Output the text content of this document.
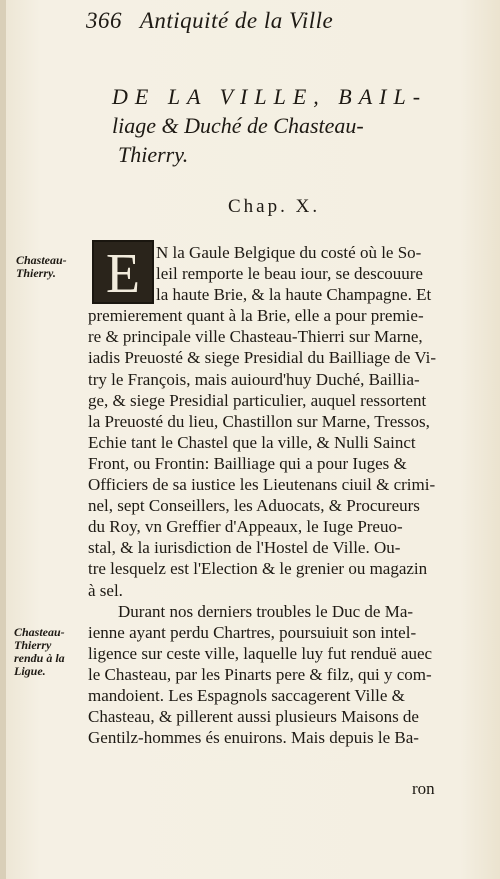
366 Antiquité de la Ville
DE LA VILLE, BAIL-
liage & Duché de Chasteau-
Thierry.
Chap. X.
Chasteau-
Thierry.
Chasteau-
Thierry
rendu à la
Ligue.
E N la Gaule Belgique du costé où le So-
leil remporte le beau iour, se descouure
la haute Brie, & la haute Champagne. Et
premierement quant à la Brie, elle a pour premie-
re & principale ville Chasteau-Thierri sur Marne,
iadis Preuosté & siege Presidial du Bailliage de Vi-
try le François, mais auiourd'huy Duché, Baillia-
ge, & siege Presidial particulier, auquel ressortent
la Preuosté du lieu, Chastillon sur Marne, Tressos,
Echie tant le Chastel que la ville, & Nulli Sainct
Front, ou Frontin: Bailliage qui a pour Iuges &
Officiers de sa iustice les Lieutenans ciuil & crimi-
nel, sept Conseillers, les Aduocats, & Procureurs
du Roy, vn Greffier d'Appeaux, le Iuge Preuo-
stal, & la iurisdiction de l'Hostel de Ville. Ou-
tre lesquelz est l'Election & le grenier ou magazin
à sel.
Durant nos derniers troubles le Duc de Ma-
ienne ayant perdu Chartres, poursuiuit son intel-
ligence sur ceste ville, laquelle luy fut renduë auec
le Chasteau, par les Pinarts pere & filz, qui y com-
mandoient. Les Espagnols saccagerent Ville &
Chasteau, & pillerent aussi plusieurs Maisons de
Gentilz-hommes és enuirons. Mais depuis le Ba-
ron
